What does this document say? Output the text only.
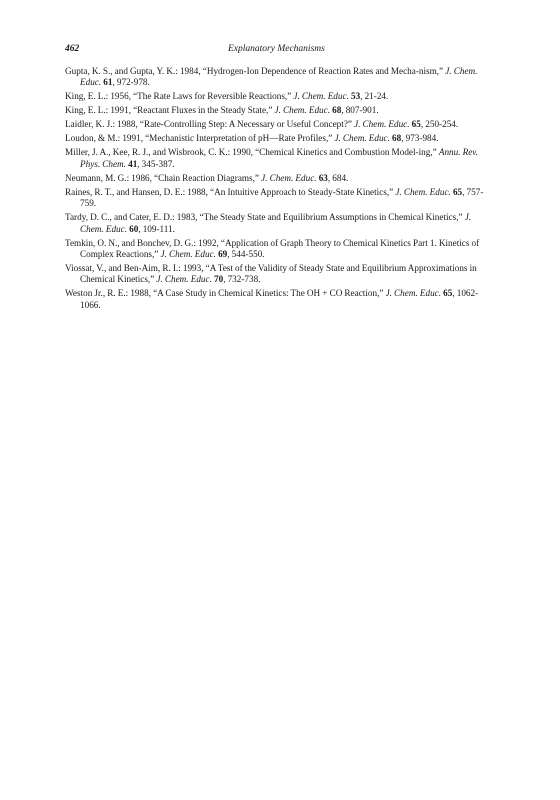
462	Explanatory Mechanisms

Gupta, K. S., and Gupta, Y. K.: 1984, “Hydrogen-Ion Dependence of Reaction Rates and Mecha-nism,” J. Chem. Educ. 61, 972-978.

King, E. L.: 1956, “The Rate Laws for Reversible Reactions,” J. Chem. Educ. 53, 21-24.

King, E. L.: 1991, “Reactant Fluxes in the Steady State,” J. Chem. Educ. 68, 807-901.

Laidler, K. J.: 1988, “Rate-Controlling Step: A Necessary or Useful Concept?” J. Chem. Educ. 65, 250-254.

Loudon, & M.: 1991, “Mechanistic Interpretation of pH—Rate Profiles,” J. Chem. Educ. 68, 973-984.

Miller, J. A., Kee, R. J., and Wisbrook, C. K.: 1990, “Chemical Kinetics and Combustion Model-ing,” Annu. Rev. Phys. Chem. 41, 345-387.

Neumann, M. G.: 1986, “Chain Reaction Diagrams,” J. Chem. Educ. 63, 684.

Raines, R. T., and Hansen, D. E.: 1988, “An Intuitive Approach to Steady-State Kinetics,” J. Chem. Educ. 65, 757-759.

Tardy, D. C., and Cater, E. D.: 1983, “The Steady State and Equilibrium Assumptions in Chemical Kinetics,” J. Chem. Educ. 60, 109-111.

Temkin, O. N., and Bonchev, D. G.: 1992, “Application of Graph Theory to Chemical Kinetics Part 1. Kinetics of Complex Reactions,” J. Chem. Educ. 69, 544-550.

Viossat, V., and Ben-Aim, R. I.: 1993, “A Test of the Validity of Steady State and Equilibrium Approximations in Chemical Kinetics,” J. Chem. Educ. 70, 732-738.

Weston Jr., R. E.: 1988, “A Case Study in Chemical Kinetics: The OH + CO Reaction,” J. Chem. Educ. 65, 1062-1066.
